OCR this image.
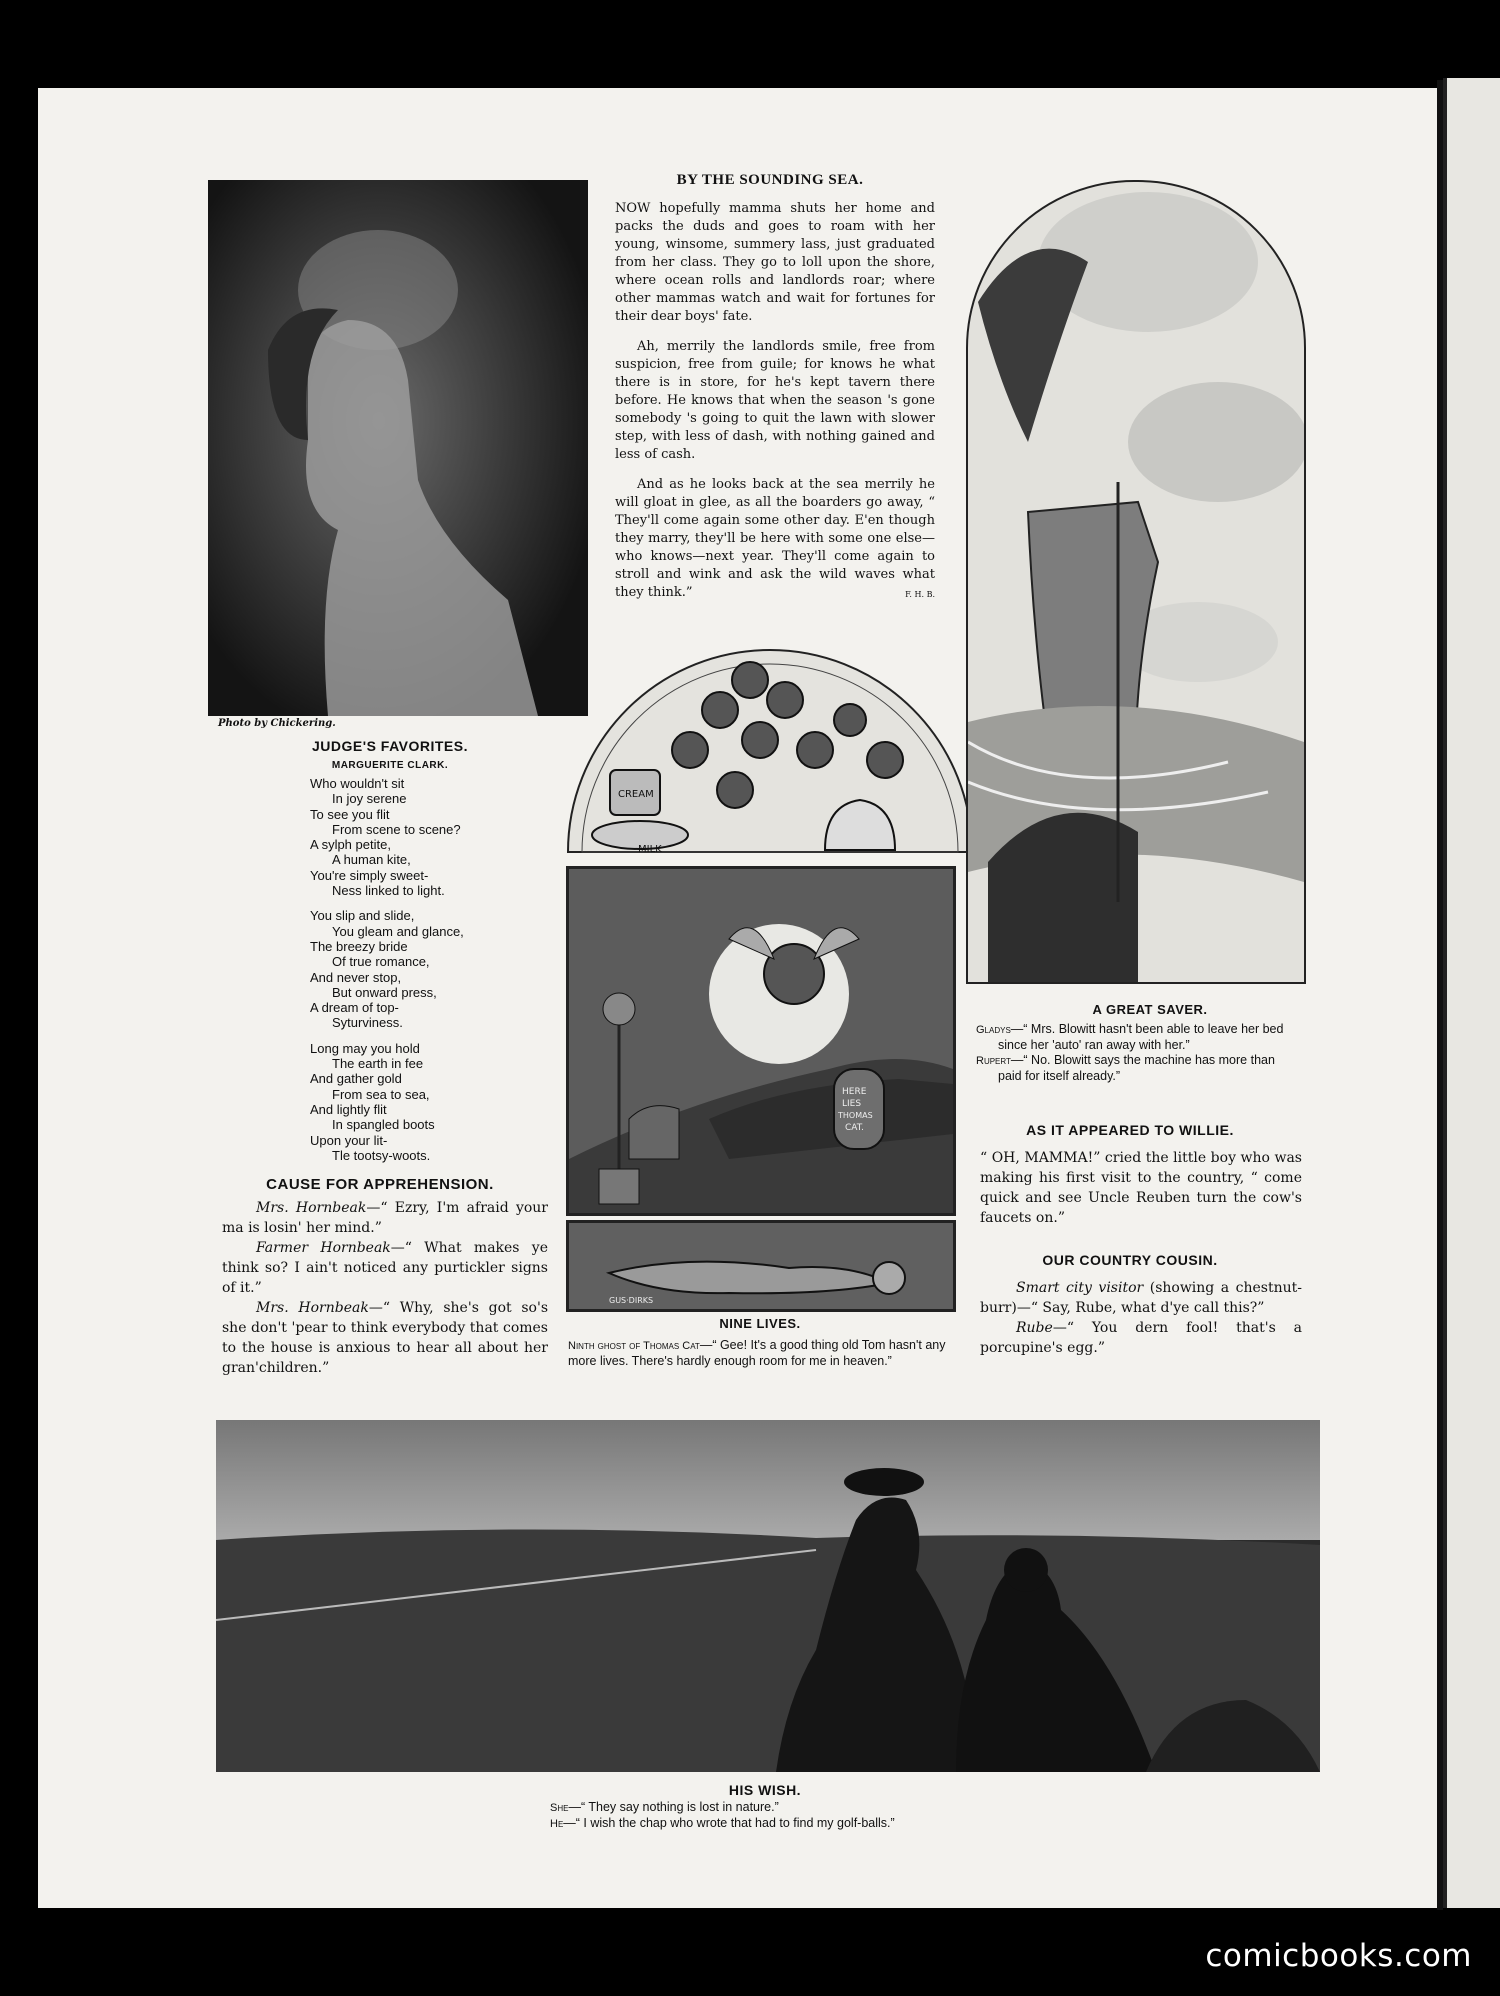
Photo by Chickering.
JUDGE'S FAVORITES.
MARGUERITE CLARK.
Who wouldn't sit
In joy serene
To see you flit
From scene to scene?
A sylph petite,
A human kite,
You're simply sweet-
Ness linked to light.
You slip and slide,
You gleam and glance,
The breezy bride
Of true romance,
And never stop,
But onward press,
A dream of top-
Syturviness.
Long may you hold
The earth in fee
And gather gold
From sea to sea,
And lightly flit
In spangled boots
Upon your lit-
Tle tootsy-woots.
CAUSE FOR APPREHENSION.
Mrs. Hornbeak—“ Ezry, I'm afraid your ma is losin' her mind.”
Farmer Hornbeak—“ What makes ye think so? I ain't noticed any purtickler signs of it.”
Mrs. Hornbeak—“ Why, she's got so's she don't 'pear to think everybody that comes to the house is anxious to hear all about her gran'children.”
BY THE SOUNDING SEA.

NOW hopefully mamma shuts her home and packs the duds and goes to roam with her young, winsome, summery lass, just graduated from her class. They go to loll upon the shore, where ocean rolls and landlords roar; where other mammas watch and wait for fortunes for their dear boys' fate.

Ah, merrily the landlords smile, free from suspicion, free from guile; for knows he what there is in store, for he's kept tavern there before. He knows that when the season 's gone somebody 's going to quit the lawn with slower step, with less of dash, with nothing gained and less of cash.

And as he looks back at the sea merrily he will gloat in glee, as all the boarders go away, “ They'll come again some other day. E'en though they marry, they'll be here with some one else—who knows—next year. They'll come again to stroll and wink and ask the wild waves what they think.”	F. H. B.
CREAM
MILK
HERE
LIES
THOMAS
CAT.
GUS·DIRKS
NINE LIVES.
Ninth ghost of Thomas Cat—“ Gee! It's a good thing old Tom hasn't any more lives. There's hardly enough room for me in heaven.”
A GREAT SAVER.
Gladys—“ Mrs. Blowitt hasn't been able to leave her bed since her 'auto' ran away with her.”
Rupert—“ No. Blowitt says the machine has more than paid for itself already.”
AS IT APPEARED TO WILLIE.
“ OH, MAMMA!” cried the little boy who was making his first visit to the country, “ come quick and see Uncle Reuben turn the cow's faucets on.”
OUR COUNTRY COUSIN.
Smart city visitor (showing a chestnut-burr)—“ Say, Rube, what d'ye call this?”
Rube—“ You dern fool! that's a porcupine's egg.”
HIS WISH.
She—“ They say nothing is lost in nature.”
He—“ I wish the chap who wrote that had to find my golf-balls.”
comicbooks.com
